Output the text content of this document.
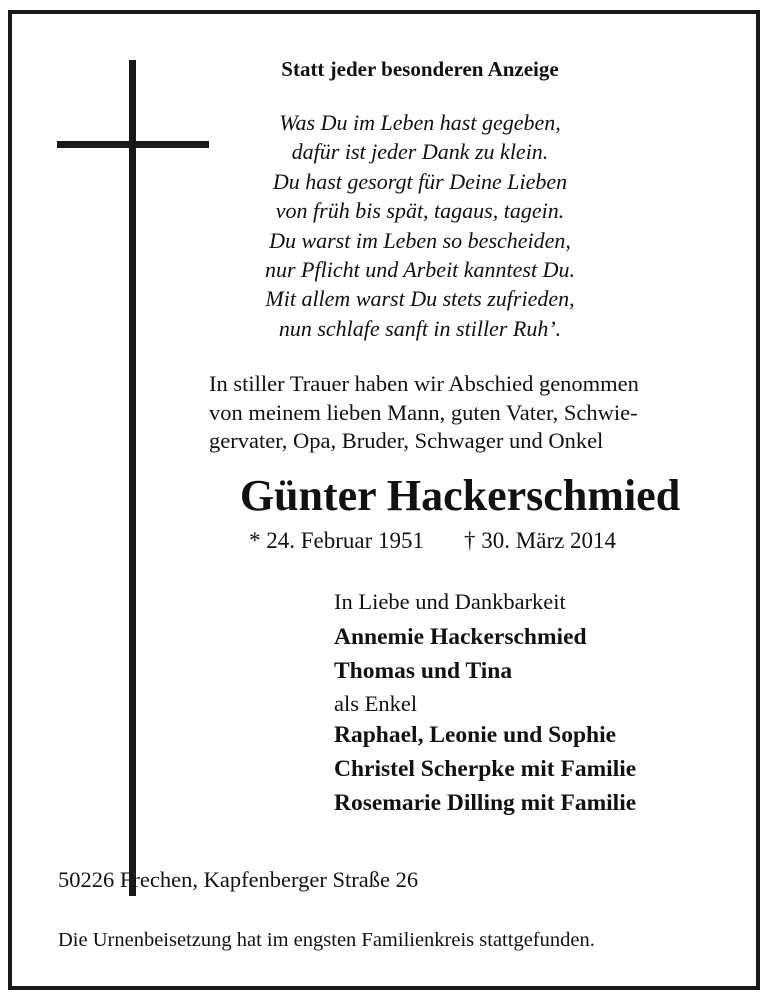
Statt jeder besonderen Anzeige
Was Du im Leben hast gegeben,
dafür ist jeder Dank zu klein.
Du hast gesorgt für Deine Lieben
von früh bis spät, tagaus, tagein.
Du warst im Leben so bescheiden,
nur Pflicht und Arbeit kanntest Du.
Mit allem warst Du stets zufrieden,
nun schlafe sanft in stiller Ruh’.
In stiller Trauer haben wir Abschied genommen
von meinem lieben Mann, guten Vater, Schwie-
gervater, Opa, Bruder, Schwager und Onkel
Günter Hackerschmied
* 24. Februar 1951 † 30. März 2014
In Liebe und Dankbarkeit
Annemie Hackerschmied
Thomas und Tina
als Enkel
Raphael, Leonie und Sophie
Christel Scherpke mit Familie
Rosemarie Dilling mit Familie
50226 Frechen, Kapfenberger Straße 26
Die Urnenbeisetzung hat im engsten Familienkreis stattgefunden.
